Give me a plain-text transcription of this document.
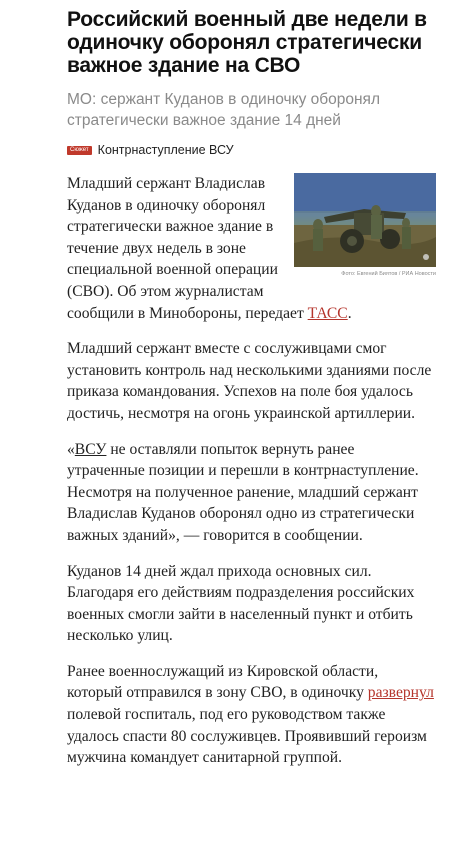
Российский военный две недели в одиночку оборонял стратегически важное здание на СВО
МО: сержант Куданов в одиночку оборонял стратегически важное здание 14 дней
Сюжет Контрнаступление ВСУ
Фото: Евгений Биятов / РИА Новости

Младший сержант Владислав Куданов в одиночку оборонял стратегически важное здание в течение двух недель в зоне специальной военной операции (СВО). Об этом журналистам сообщили в Минобороны, передает ТАСС.

Младший сержант вместе с сослуживцами смог установить контроль над несколькими зданиями после приказа командования. Успехов на поле боя удалось достичь, несмотря на огонь украинской артиллерии.

«ВСУ не оставляли попыток вернуть ранее утраченные позиции и перешли в контрнаступление. Несмотря на полученное ранение, младший сержант Владислав Куданов оборонял одно из стратегически важных зданий», — говорится в сообщении.

Куданов 14 дней ждал прихода основных сил. Благодаря его действиям подразделения российских военных смогли зайти в населенный пункт и отбить несколько улиц.

Ранее военнослужащий из Кировской области, который отправился в зону СВО, в одиночку развернул полевой госпиталь, под его руководством также удалось спасти 80 сослуживцев. Проявивший героизм мужчина командует санитарной группой.
